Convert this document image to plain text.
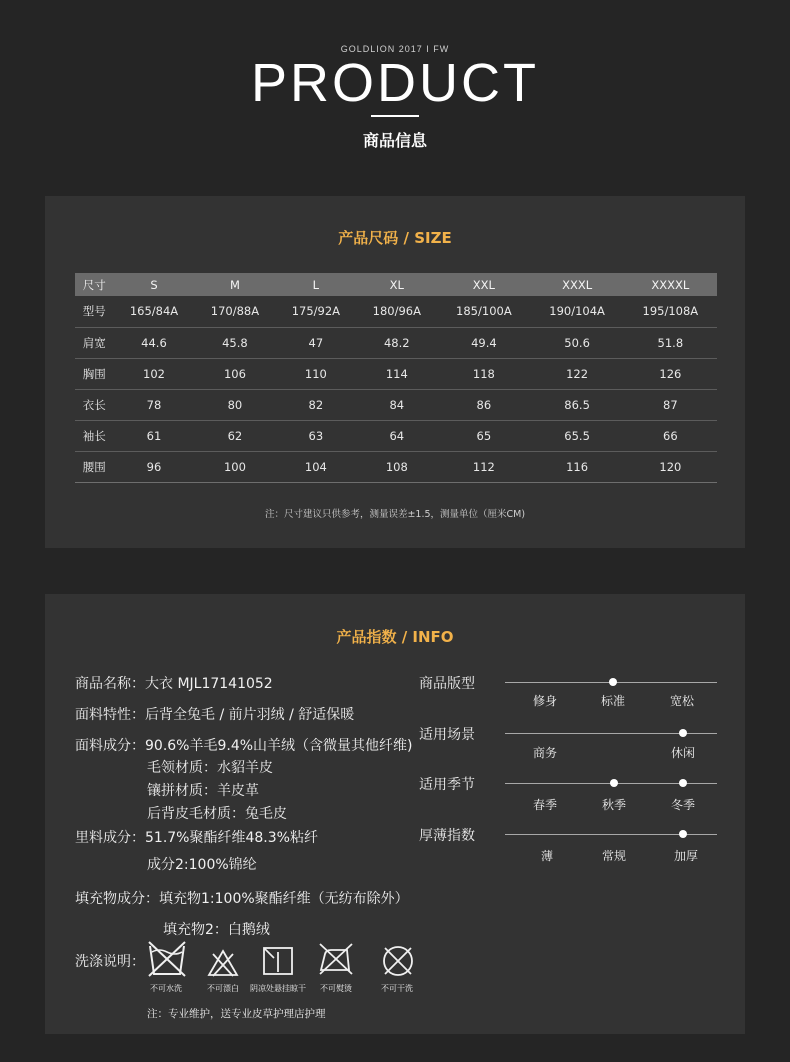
GOLDLION 2017 I FW
PRODUCT
商品信息
产品尺码 / SIZE
尺寸	S	M	L	XL	XXL	XXXL	XXXXL
型号	165/84A	170/88A	175/92A	180/96A	185/100A	190/104A	195/108A
肩宽	44.6	45.8	47	48.2	49.4	50.6	51.8
胸围	102	106	110	114	118	122	126
衣长	78	80	82	84	86	86.5	87
袖长	61	62	63	64	65	65.5	66
腰围	96	100	104	108	112	116	120
注：尺寸建议只供参考，测量误差±1.5，测量单位（厘米CM)
产品指数 / INFO
商品名称：大衣 MJL17141052
面料特性：后背全兔毛 / 前片羽绒 / 舒适保暖
面料成分：90.6%羊毛9.4%山羊绒（含微量其他纤维)
毛领材质：水貂羊皮
镶拼材质：羊皮革
后背皮毛材质：兔毛皮
里料成分：51.7%聚酯纤维48.3%粘纤
成分2:100%锦纶
填充物成分：填充物1:100%聚酯纤维（无纺布除外）
填充物2：白鹅绒
洗涤说明：
不可水洗	不可漂白 阴凉处悬挂晾干 不可熨烫	不可干洗
注：专业维护，送专业皮草护理店护理
商品版型
修身	标准	宽松
适用场景
商务	休闲
适用季节
春季	秋季	冬季
厚薄指数
薄	常规	加厚
